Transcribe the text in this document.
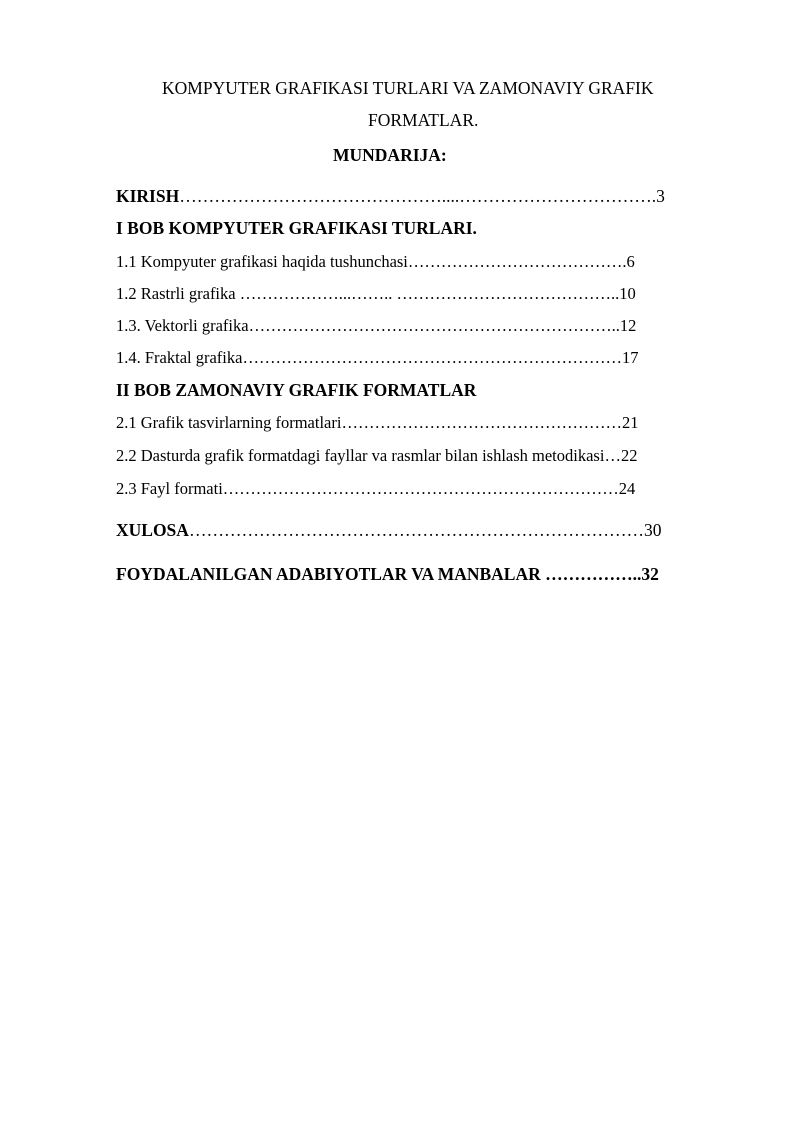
KOMPYUTER GRAFIKASI TURLARI VA ZAMONAVIY GRAFIK
FORMATLAR.
MUNDARIJA:
KIRISH………………………………………....…………………………….3
I BOB KOMPYUTER GRAFIKASI TURLARI.
1.1 Kompyuter grafikasi haqida tushunchasi………………………………….6
1.2 Rastrli grafika ………………...…….. …………………………………..10
1.3. Vektorli grafika…………………………………………………………..12
1.4. Fraktal grafika……………………………………………………………17
II BOB ZAMONAVIY GRAFIK FORMATLAR
2.1 Grafik tasvirlarning formatlari……………………………………………21
2.2 Dasturda grafik formatdagi fayllar va rasmlar bilan ishlash metodikasi…22
2.3 Fayl formati………………………………………………………………24
XULOSA……………………………………………………………………30
FOYDALANILGAN ADABIYOTLAR VA MANBALAR ……………..32
